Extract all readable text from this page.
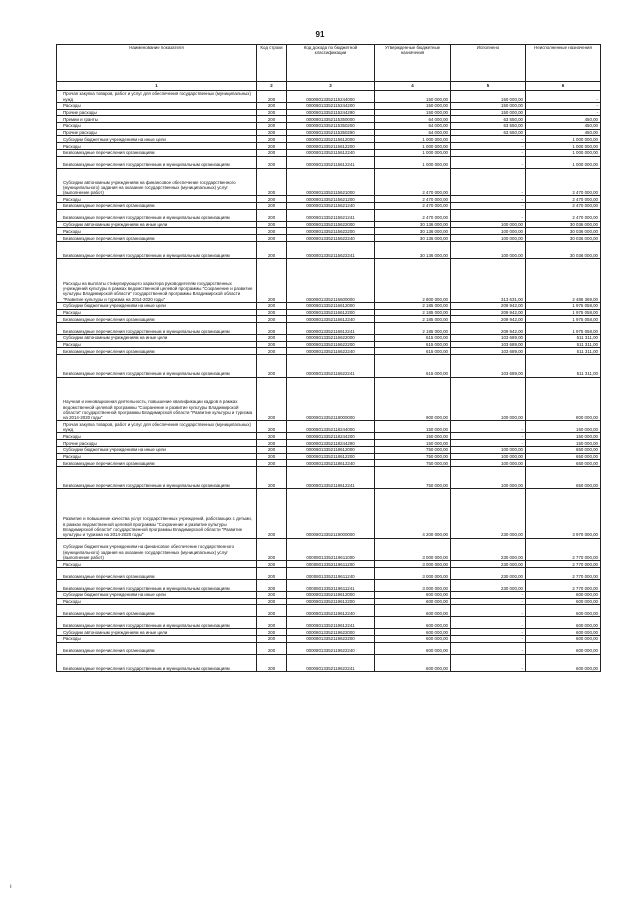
91
Наименование показателя	Код строки	Код дохода по бюджетной классификации	Утвержденные бюджетные назначения	Исполнено	Неисполненные назначения
1	2	3	4	5	6

Прочая закупка товаров, работ и услуг для обеспечения государственных (муниципальных) нужд	200	00008013352115244000	150 000,00	150 000,00	-

Расходы	200	00008013352115244200	150 000,00	150 000,00	-

Прочие расходы	200	00008013352115244290	150 000,00	150 000,00	-

Премии и гранты	200	00008013352115350000	64 000,00	63 550,00	450,00

Расходы	200	00008013352115350200	64 000,00	63 550,00	450,00

Прочие расходы	200	00008013352115350290	64 000,00	63 550,00	450,00

Субсидии бюджетным учреждениям на иные цели	200	00008013352115612000	1 000 000,00	-	1 000 000,00

Расходы	200	00008013352115612200	1 000 000,00	-	1 000 000,00

Безвозмездные перечисления организациям	200	00008013352115612240	1 000 000,00	-	1 000 000,00

Безвозмездные перечисления государственным и муниципальным организациям	200	00008013352115612241	1 000 000,00	-	1 000 000,00

Субсидии автономным учреждениям на финансовое обеспечение государственного (муниципального) задания на оказание государственных (муниципальных) услуг (выполнение работ)	200	00008013352115621000	2 470 000,00	-	2 470 000,00

Расходы	200	00008013352115621200	2 470 000,00	-	2 470 000,00

Безвозмездные перечисления организациям	200	00008013352115621240	2 470 000,00	-	2 470 000,00

Безвозмездные перечисления государственным и муниципальным организациям	200	00008013352115621241	2 470 000,00	-	2 470 000,00

Субсидии автономным учреждениям на иные цели	200	00008013352115622000	30 136 000,00	100 000,00	30 036 000,00

Расходы	200	00008013352115622200	30 136 000,00	100 000,00	30 036 000,00

Безвозмездные перечисления организациям	200	00008013352115622240	30 136 000,00	100 000,00	30 036 000,00

Безвозмездные перечисления государственным и муниципальным организациям	200	00008013352115622241	30 136 000,00	100 000,00	30 036 000,00

Расходы на выплаты стимулирующего характера руководителям государственных учреждений культуры в рамках ведомственной целевой программы "Сохранение и развитие культуры Владимирской области" государственной программы Владимирской области "Развитие культуры и туризма на 2014-2020 годы"	200	00008013352116600000	2 800 000,00	313 631,00	2 486 369,00

Субсидии бюджетным учреждениям на иные цели	200	00008013352116612000	2 185 000,00	209 942,00	1 975 058,00

Расходы	200	00008013352116612200	2 185 000,00	209 942,00	1 975 058,00

Безвозмездные перечисления организациям	200	00008013352116612240	2 185 000,00	209 942,00	1 975 058,00

Безвозмездные перечисления государственным и муниципальным организациям	200	00008013352116612241	2 185 000,00	209 942,00	1 975 058,00

Субсидии автономным учреждениям на иные цели	200	00008013352116622000	615 000,00	103 689,00	511 311,00

Расходы	200	00008013352116622200	615 000,00	103 689,00	511 311,00

Безвозмездные перечисления организациям	200	00008013352116622240	615 000,00	103 689,00	511 311,00

Безвозмездные перечисления государственным и муниципальным организациям	200	00008013352116622241	615 000,00	103 689,00	511 311,00

Научная и инновационная деятельность, повышение квалификации кадров в рамках ведомственной целевой программы "Сохранение и развитие культуры Владимирской области" государственной программы Владимирской области "Развитие культуры и туризма на 2014-2020 годы"	200	00008013352118000000	900 000,00	100 000,00	800 000,00

Прочая закупка товаров, работ и услуг для обеспечения государственных (муниципальных) нужд	200	00008013352118244000	150 000,00	-	150 000,00

Расходы	200	00008013352118244200	150 000,00	-	150 000,00

Прочие расходы	200	00008013352118244290	150 000,00	-	150 000,00

Субсидии бюджетным учреждениям на иные цели	200	00008013352118612000	750 000,00	100 000,00	650 000,00

Расходы	200	00008013352118612200	750 000,00	100 000,00	650 000,00

Безвозмездные перечисления организациям	200	00008013352118612240	750 000,00	100 000,00	650 000,00

Безвозмездные перечисления государственным и муниципальным организациям	200	00008013352118612241	750 000,00	100 000,00	650 000,00

Развитие и повышение качества услуг государственных учреждений, работающих с детьми, в рамках ведомственной целевой программы "Сохранение и развитие культуры Владимирской области" государственной программы Владимирской области "Развитие культуры и туризма на 2014-2020 годы"	200	00008013352119000000	4 200 000,00	230 000,00	3 970 000,00

Субсидии бюджетным учреждениям на финансовое обеспечение государственного (муниципального) задания на оказание государственных (муниципальных) услуг (выполнение работ)	200	00008013352119611000	3 000 000,00	230 000,00	2 770 000,00

Расходы	200	00008013352119611200	3 000 000,00	230 000,00	2 770 000,00

Безвозмездные перечисления организациям	200	00008013352119611240	3 000 000,00	230 000,00	2 770 000,00

Безвозмездные перечисления государственным и муниципальным организациям	200	00008013352119611241	3 000 000,00	230 000,00	2 770 000,00

Субсидии бюджетным учреждениям на иные цели	200	00008013352119612000	600 000,00	-	600 000,00

Расходы	200	00008013352119612200	600 000,00	-	600 000,00

Безвозмездные перечисления организациям	200	00008013352119612240	600 000,00	-	600 000,00

Безвозмездные перечисления государственным и муниципальным организациям	200	00008013352119612241	600 000,00	-	600 000,00

Субсидии автономным учреждениям на иные цели	200	00008013352119622000	600 000,00	-	600 000,00

Расходы	200	00008013352119622200	600 000,00	-	600 000,00

Безвозмездные перечисления организациям	200	00008013352119622240	600 000,00	-	600 000,00

Безвозмездные перечисления государственным и муниципальным организациям	200	00008013352119622241	600 000,00	-	600 000,00
ı
